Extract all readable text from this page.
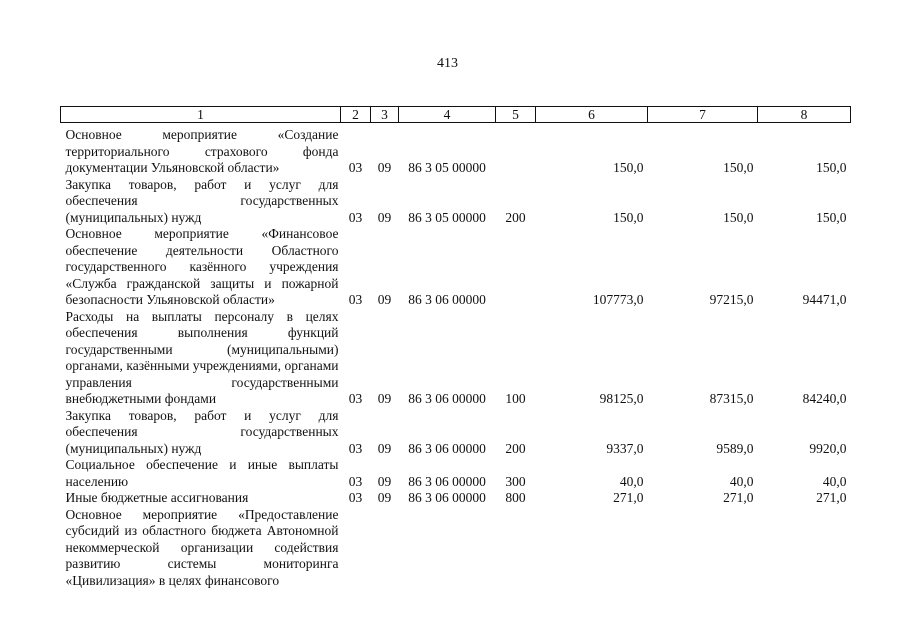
413
1	2	3	4	5	6	7	8

Основное мероприятие «Создание территориального страхового фонда документации Ульяновской области»	03	09	86 3 05 00000		150,0	150,0	150,0
Закупка товаров, работ и услуг для обеспечения государственных (муниципальных) нужд	03	09	86 3 05 00000	200	150,0	150,0	150,0
Основное мероприятие «Финансовое обеспечение деятельности Областного государственного казённого учреждения «Служба гражданской защиты и пожарной безопасности Ульяновской области»	03	09	86 3 06 00000		107773,0	97215,0	94471,0
Расходы на выплаты персоналу в целях обеспечения выполнения функций государственными (муниципальными) органами, казёнными учреждениями, органами управления государственными внебюджетными фондами	03	09	86 3 06 00000	100	98125,0	87315,0	84240,0
Закупка товаров, работ и услуг для обеспечения государственных (муниципальных) нужд	03	09	86 3 06 00000	200	9337,0	9589,0	9920,0
Социальное обеспечение и иные выплаты населению	03	09	86 3 06 00000	300	40,0	40,0	40,0
Иные бюджетные ассигнования	03	09	86 3 06 00000	800	271,0	271,0	271,0
Основное мероприятие «Предоставление субсидий из областного бюджета Автономной некоммерческой организации содействия развитию системы мониторинга «Цивилизация» в целях финансового							
